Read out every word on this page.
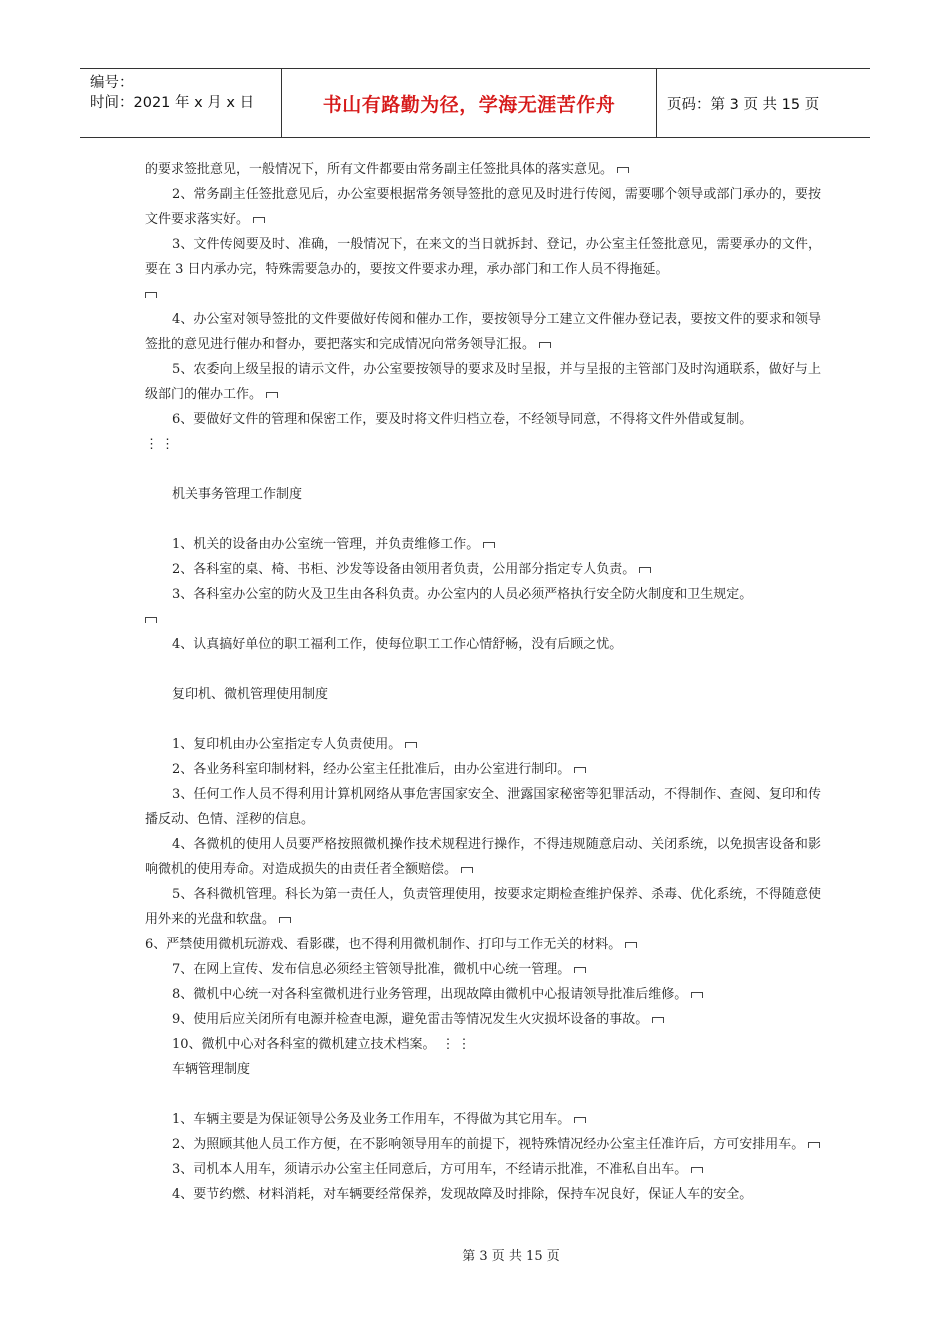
编号：
时间：2021 年 x 月 x 日	书山有路勤为径，学海无涯苦作舟	页码：第 3 页 共 15 页

的要求签批意见，一般情况下，所有文件都要由常务副主任签批具体的落实意见。

2、常务副主任签批意见后，办公室要根据常务领导签批的意见及时进行传阅，需要哪个领导或部门承办的，要按文件要求落实好。

3、文件传阅要及时、准确，一般情况下，在来文的当日就拆封、登记，办公室主任签批意见，需要承办的文件，要在 3 日内承办完，特殊需要急办的，要按文件要求办理，承办部门和工作人员不得拖延。

4、办公室对领导签批的文件要做好传阅和催办工作，要按领导分工建立文件催办登记表，要按文件的要求和领导签批的意见进行催办和督办，要把落实和完成情况向常务领导汇报。

5、农委向上级呈报的请示文件，办公室要按领导的要求及时呈报，并与呈报的主管部门及时沟通联系，做好与上级部门的催办工作。

6、要做好文件的管理和保密工作，要及时将文件归档立卷，不经领导同意，不得将文件外借或复制。

⋮⋮

机关事务管理工作制度

1、机关的设备由办公室统一管理，并负责维修工作。

2、各科室的桌、椅、书柜、沙发等设备由领用者负责，公用部分指定专人负责。

3、各科室办公室的防火及卫生由各科负责。办公室内的人员必须严格执行安全防火制度和卫生规定。

4、认真搞好单位的职工福利工作，使每位职工工作心情舒畅，没有后顾之忧。

复印机、微机管理使用制度

1、复印机由办公室指定专人负责使用。

2、各业务科室印制材料，经办公室主任批准后，由办公室进行制印。

3、任何工作人员不得利用计算机网络从事危害国家安全、泄露国家秘密等犯罪活动，不得制作、查阅、复印和传播反动、色情、淫秽的信息。

4、各微机的使用人员要严格按照微机操作技术规程进行操作，不得违规随意启动、关闭系统，以免损害设备和影响微机的使用寿命。对造成损失的由责任者全额赔偿。

5、各科微机管理。科长为第一责任人，负责管理使用，按要求定期检查维护保养、杀毒、优化系统，不得随意使用外来的光盘和软盘。

6、严禁使用微机玩游戏、看影碟，也不得利用微机制作、打印与工作无关的材料。

7、在网上宣传、发布信息必须经主管领导批准，微机中心统一管理。

8、微机中心统一对各科室微机进行业务管理，出现故障由微机中心报请领导批准后维修。

9、使用后应关闭所有电源并检查电源，避免雷击等情况发生火灾损坏设备的事故。

10、微机中心对各科室的微机建立技术档案。 ⋮⋮

车辆管理制度

1、车辆主要是为保证领导公务及业务工作用车，不得做为其它用车。

2、为照顾其他人员工作方便，在不影响领导用车的前提下，视特殊情况经办公室主任准许后，方可安排用车。

3、司机本人用车，须请示办公室主任同意后，方可用车，不经请示批准，不准私自出车。

4、要节约燃、材料消耗，对车辆要经常保养，发现故障及时排除，保持车况良好，保证人车的安全。

第 3 页 共 15 页
